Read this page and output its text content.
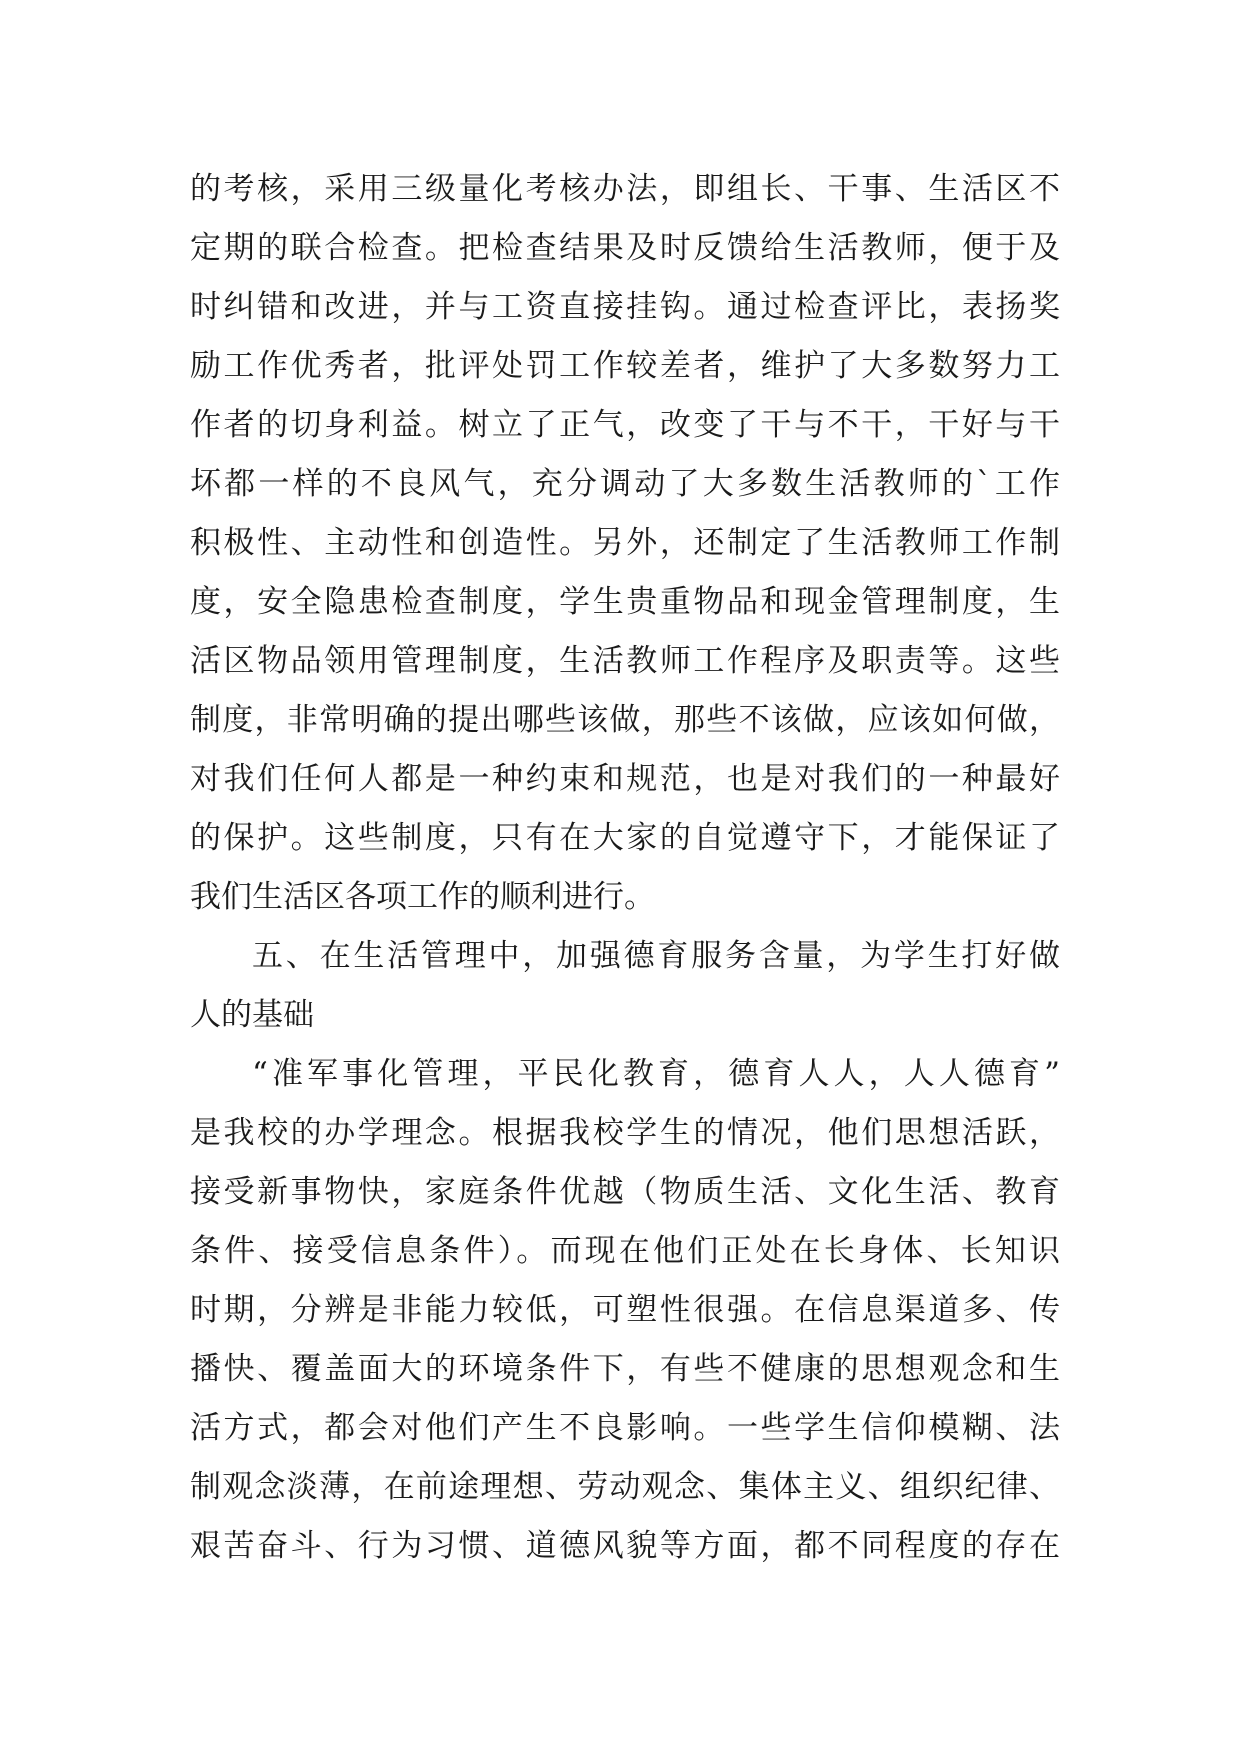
的考核，采用三级量化考核办法，即组长、干事、生活区不
定期的联合检查。把检查结果及时反馈给生活教师，便于及
时纠错和改进，并与工资直接挂钩。通过检查评比，表扬奖
励工作优秀者，批评处罚工作较差者，维护了大多数努力工
作者的切身利益。树立了正气，改变了干与不干，干好与干
坏都一样的不良风气，充分调动了大多数生活教师的`工作
积极性、主动性和创造性。另外，还制定了生活教师工作制
度，安全隐患检查制度，学生贵重物品和现金管理制度，生
活区物品领用管理制度，生活教师工作程序及职责等。这些
制度，非常明确的提出哪些该做，那些不该做，应该如何做，
对我们任何人都是一种约束和规范，也是对我们的一种最好
的保护。这些制度，只有在大家的自觉遵守下，才能保证了
我们生活区各项工作的顺利进行。
五、在生活管理中，加强德育服务含量，为学生打好做
人的基础
“准军事化管理，平民化教育，德育人人，人人德育”
是我校的办学理念。根据我校学生的情况，他们思想活跃，
接受新事物快，家庭条件优越（物质生活、文化生活、教育
条件、接受信息条件）。而现在他们正处在长身体、长知识
时期，分辨是非能力较低，可塑性很强。在信息渠道多、传
播快、覆盖面大的环境条件下，有些不健康的思想观念和生
活方式，都会对他们产生不良影响。一些学生信仰模糊、法
制观念淡薄，在前途理想、劳动观念、集体主义、组织纪律、
艰苦奋斗、行为习惯、道德风貌等方面，都不同程度的存在
